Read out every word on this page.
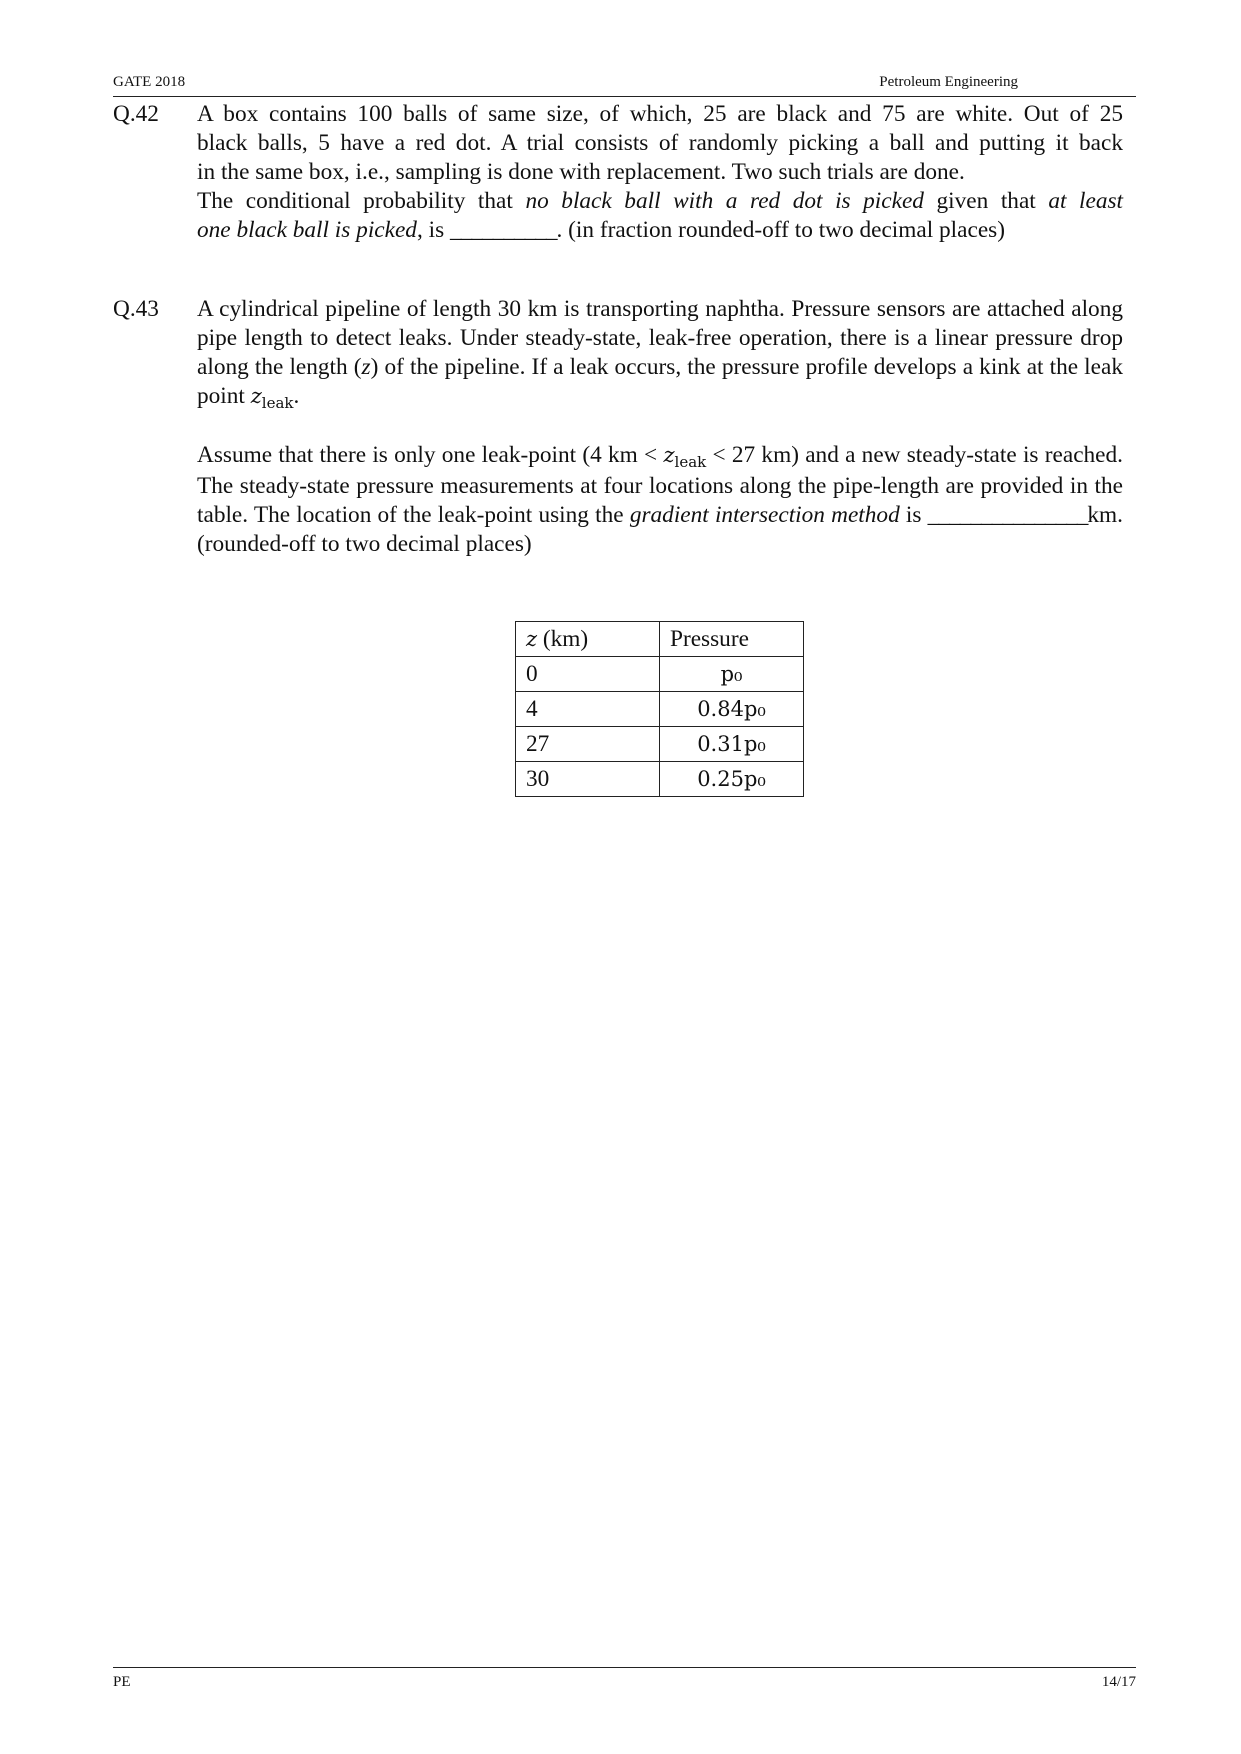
GATE 2018	Petroleum Engineering
Q.42 A box contains 100 balls of same size, of which, 25 are black and 75 are white. Out of 25

black balls, 5 have a red dot. A trial consists of randomly picking a ball and putting it back

in the same box, i.e., sampling is done with replacement. Two such trials are done.

The conditional probability that no black ball with a red dot is picked given that at least

one black ball is picked, is __________. (in fraction rounded-off to two decimal places)

Q.43 A cylindrical pipeline of length 30 km is transporting naphtha. Pressure sensors are attached along pipe length to detect leaks. Under steady-state, leak-free operation, there is a linear pressure drop along the length (z) of the pipeline. If a leak occurs, the pressure profile develops a kink at the leak point $z_{leak}$.

Assume that there is only one leak-point (4 km < $z_{leak} < 27$ km) and a new steady-state is reached. The steady-state pressure measurements at four locations along the pipe-length are provided in the table. The location of the leak-point using the gradient intersection method is _______________km. (rounded-off to two decimal places)

z (km)	Pressure
0	p₀
4	0.84p₀
27	0.31p₀
30	0.25p₀
PE	14/17
